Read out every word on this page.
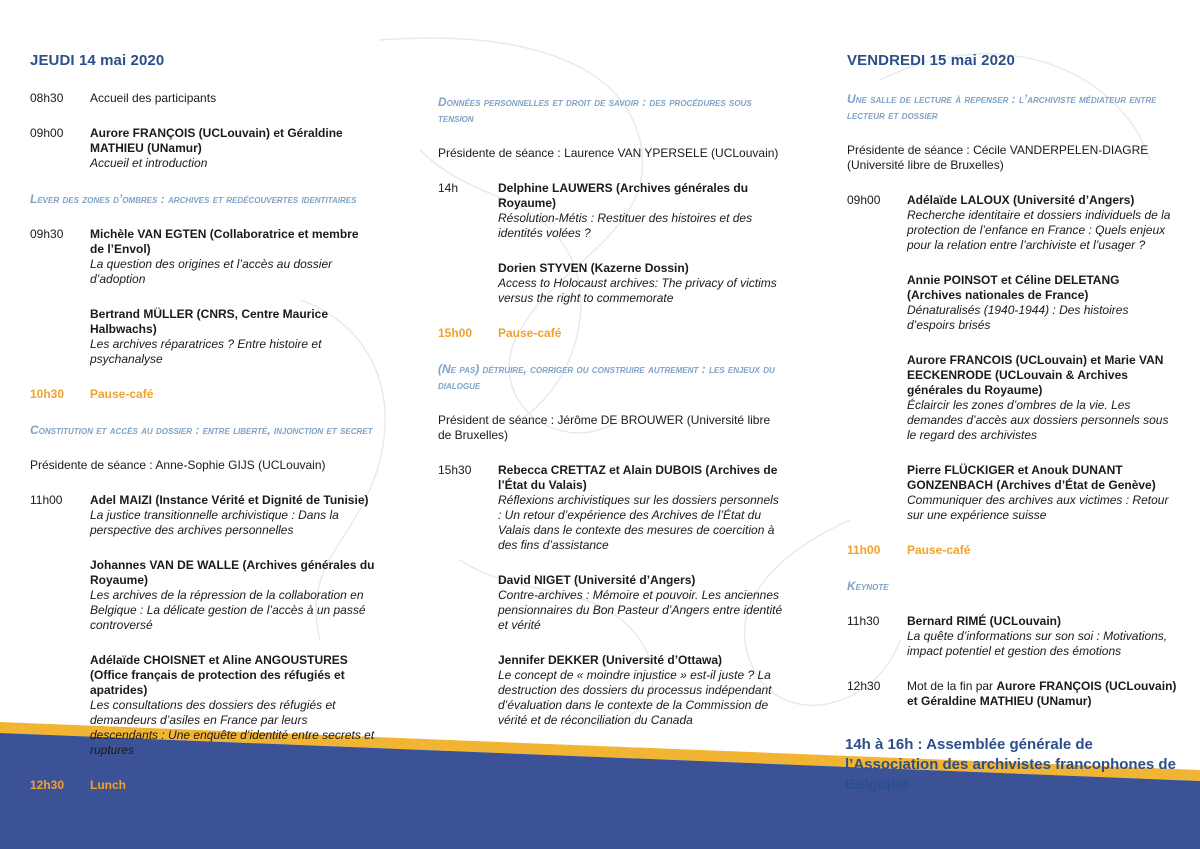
JEUDI 14 mai 2020
08h30	Accueil des participants
09h00	Aurore FRANÇOIS (UCLouvain) et Géraldine MATHIEU (UNamur)
Accueil et introduction
Lever des zones d’ombres : archives et redécouvertes identitaires
09h30	Michèle VAN EGTEN (Collaboratrice et membre de l’Envol)
La question des origines et l’accès au dossier d’adoption
Bertrand MÜLLER (CNRS, Centre Maurice Halbwachs)
Les archives réparatrices ? Entre histoire et psychanalyse
10h30	Pause-café
Constitution et accès au dossier : entre liberté, injonction et secret
Présidente de séance : Anne-Sophie GIJS (UCLouvain)
11h00	Adel MAIZI (Instance Vérité et Dignité de Tunisie)
La justice transitionnelle archivistique : Dans la perspective des archives personnelles
Johannes VAN DE WALLE (Archives générales du Royaume)
Les archives de la répression de la collaboration en Belgique : La délicate gestion de l’accès à un passé controversé
Adélaïde CHOISNET et Aline ANGOUSTURES (Office français de protection des réfugiés et apatrides)
Les consultations des dossiers des réfugiés et demandeurs d’asiles en France par leurs descendants : Une enquête d’identité entre secrets et ruptures
12h30	Lunch
Données personnelles et droit de savoir : des procédures sous tension
Présidente de séance : Laurence VAN YPERSELE (UCLouvain)
14h	Delphine LAUWERS (Archives générales du Royaume)
Résolution-Métis : Restituer des histoires et des identités volées ?
Dorien STYVEN (Kazerne Dossin)
Access to Holocaust archives: The privacy of victims versus the right to commemorate
15h00	Pause-café
(Ne pas) détruire, corriger ou construire autrement : les enjeux du dialogue
Président de séance : Jérôme DE BROUWER (Université libre de Bruxelles)
15h30	Rebecca CRETTAZ et Alain DUBOIS (Archives de l’État du Valais)
Réflexions archivistiques sur les dossiers personnels : Un retour d’expérience des Archives de l’État du Valais dans le contexte des mesures de coercition à des fins d’assistance
David NIGET (Université d’Angers)
Contre-archives : Mémoire et pouvoir. Les anciennes pensionnaires du Bon Pasteur d’Angers entre identité et vérité
Jennifer DEKKER (Université d’Ottawa)
Le concept de « moindre injustice » est-il juste ? La destruction des dossiers du processus indépendant d’évaluation dans le contexte de la Commission de vérité et de réconciliation du Canada
VENDREDI 15 mai 2020
Une salle de lecture à repenser : l’archiviste médiateur entre lecteur et dossier
Présidente de séance : Cécile VANDERPELEN-DIAGRE (Université libre de Bruxelles)
09h00	Adélaïde LALOUX (Université d’Angers)
Recherche identitaire et dossiers individuels de la protection de l’enfance en France : Quels enjeux pour la relation entre l’archiviste et l’usager ?
Annie POINSOT et Céline DELETANG (Archives nationales de France)
Dénaturalisés (1940-1944) : Des histoires d’espoirs brisés
Aurore FRANCOIS (UCLouvain) et Marie VAN EECKENRODE (UCLouvain & Archives générales du Royaume)
Éclaircir les zones d’ombres de la vie. Les demandes d’accès aux dossiers personnels sous le regard des archivistes
Pierre FLÜCKIGER et Anouk DUNANT GONZENBACH (Archives d’État de Genève)
Communiquer des archives aux victimes : Retour sur une expérience suisse
11h00	Pause-café
Keynote
11h30	Bernard RIMÉ (UCLouvain)
La quête d’informations sur son soi : Motivations, impact potentiel et gestion des émotions
12h30	Mot de la fin par Aurore FRANÇOIS (UCLouvain) et Géraldine MATHIEU (UNamur)
14h à 16h : Assemblée générale de l’Association des archivistes francophones de Belgique
